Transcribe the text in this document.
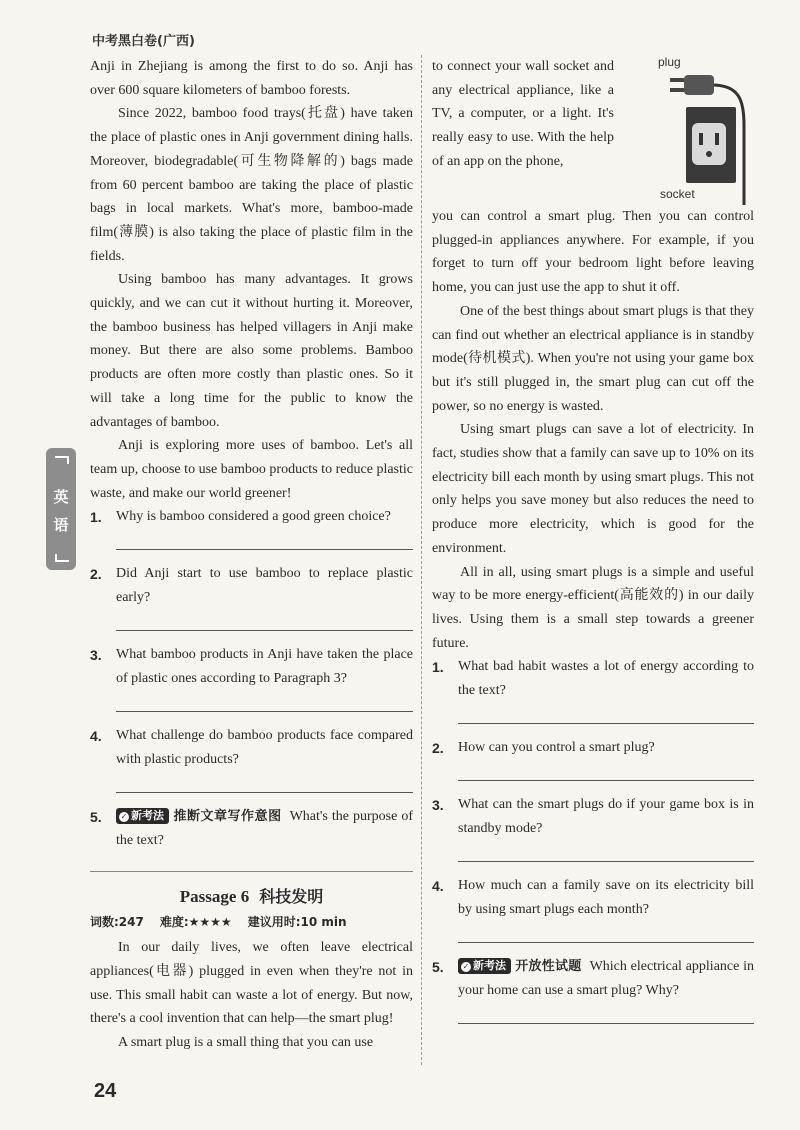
中考黑白卷(广西)
英
语

Anji in Zhejiang is among the first to do so. Anji has over 600 square kilometers of bamboo forests.

Since 2022, bamboo food trays(托盘) have taken the place of plastic ones in Anji government dining halls. Moreover, biodegradable(可生物降解的) bags made from 60 percent bamboo are taking the place of plastic bags in local markets. What's more, bamboo-made film(薄膜) is also taking the place of plastic film in the fields.

Using bamboo has many advantages. It grows quickly, and we can cut it without hurting it. Moreover, the bamboo business has helped villagers in Anji make money. But there are also some problems. Bamboo products are often more costly than plastic ones. So it will take a long time for the public to know the advantages of bamboo.

Anji is exploring more uses of bamboo. Let's all team up, choose to use bamboo products to reduce plastic waste, and make our world greener!

1.	Why is bamboo considered a good green choice?
2.	Did Anji start to use bamboo to replace plastic early?
3.	What bamboo products in Anji have taken the place of plastic ones according to Paragraph 3?
4.	What challenge do bamboo products face compared with plastic products?
5.	✓ 新考法 推断文章写作意图 What's the purpose of the text?
Passage 6 科技发明
词数:247 难度:★★★★ 建议用时:10 min

In our daily lives, we often leave electrical appliances(电器) plugged in even when they're not in use. This small habit can waste a lot of energy. But now, there's a cool invention that can help—the smart plug!

A smart plug is a small thing that you can use

to connect your wall socket and any electrical appliance, like a TV, a computer, or a light. It's really easy to use. With the help of an app on the phone,

plug
socket

you can control a smart plug. Then you can control plugged-in appliances anywhere. For example, if you forget to turn off your bedroom light before leaving home, you can just use the app to shut it off.

One of the best things about smart plugs is that they can find out whether an electrical appliance is in standby mode(待机模式). When you're not using your game box but it's still plugged in, the smart plug can cut off the power, so no energy is wasted.

Using smart plugs can save a lot of electricity. In fact, studies show that a family can save up to 10% on its electricity bill each month by using smart plugs. This not only helps you save money but also reduces the need to produce more electricity, which is good for the environment.

All in all, using smart plugs is a simple and useful way to be more energy-efficient(高能效的) in our daily lives. Using them is a small step towards a greener future.

1.	What bad habit wastes a lot of energy according to the text?
2.	How can you control a smart plug?
3.	What can the smart plugs do if your game box is in standby mode?
4.	How much can a family save on its electricity bill by using smart plugs each month?
5.	✓ 新考法 开放性试题 Which electrical appliance in your home can use a smart plug? Why?
24
